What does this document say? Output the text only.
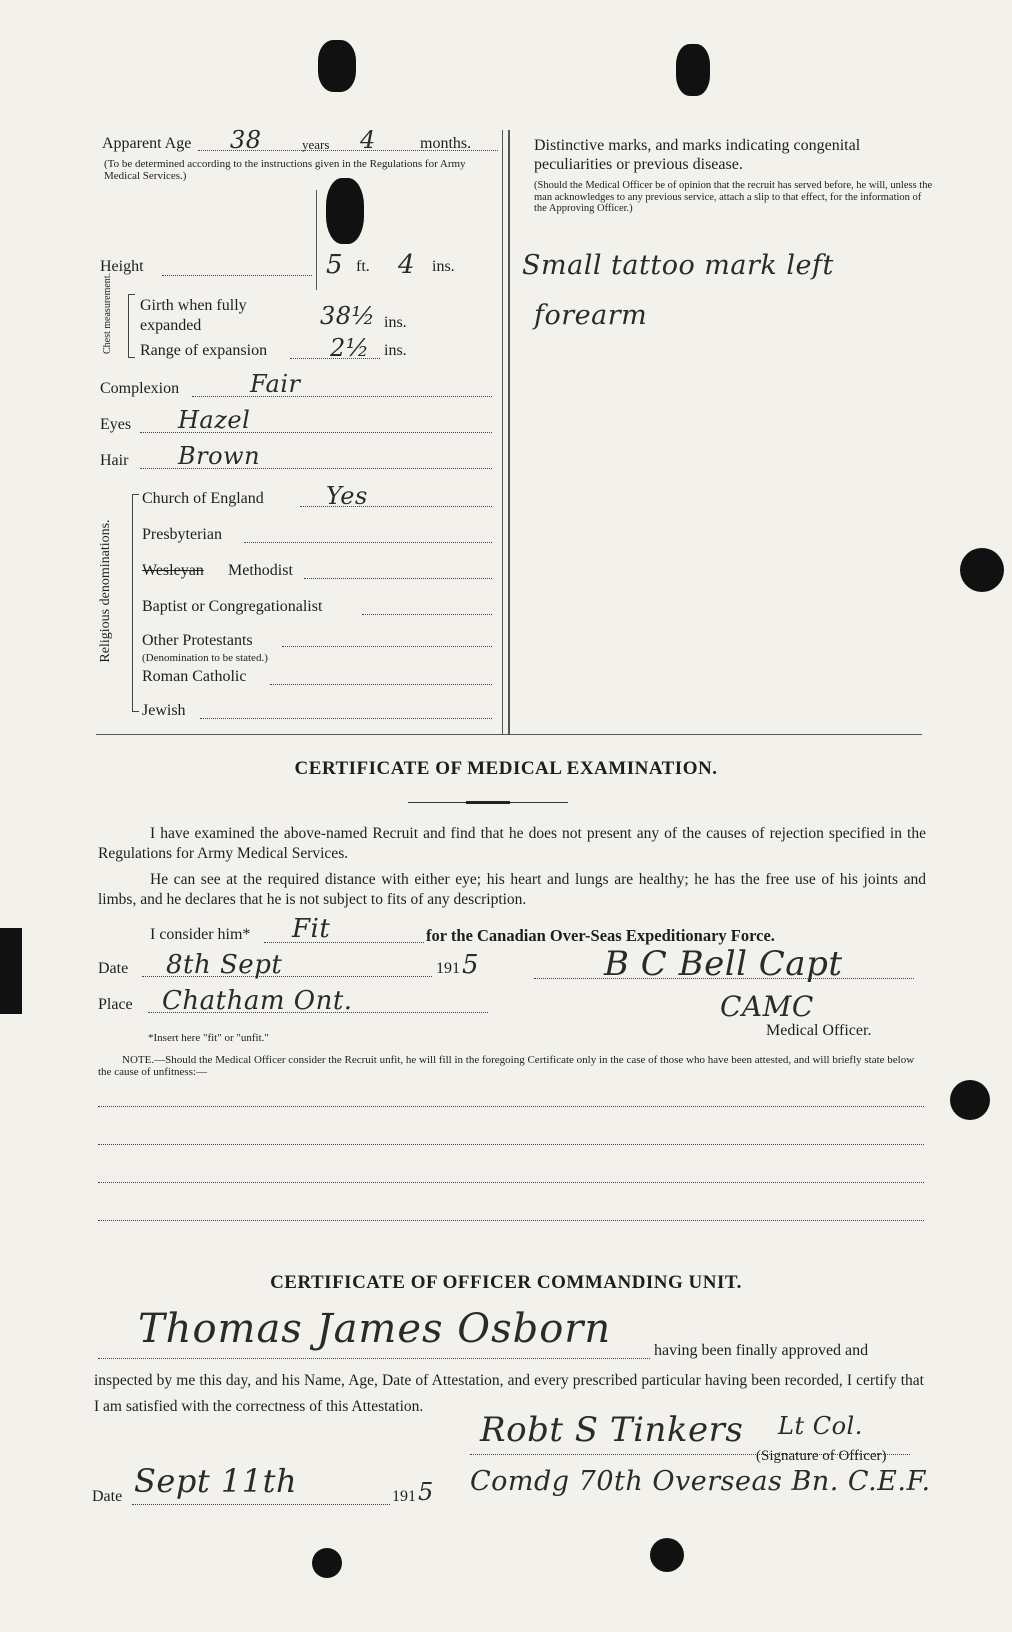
Apparent Age 38	years 4	months.
(To be determined according to the instructions given in the Regulations for Army Medical Services.)
Height	5 ft. 4 ins.
Chest measurement. Girth when fully expanded	38½ ins.
Range of expansion	2½ ins.
Complexion	Fair
Eyes Hazel
Hair Brown
Religious denominations.
Church of England	Yes
Presbyterian
Wesleyan Methodist
Baptist or Congregationalist
Other Protestants
(Denomination to be stated.)
Roman Catholic
Jewish
Distinctive marks, and marks indicating congenital peculiarities or previous disease.
(Should the Medical Officer be of opinion that the recruit has served before, he will, unless the man acknowledges to any previous service, attach a slip to that effect, for the information of the Approving Officer.)
Small tattoo mark left
forearm
CERTIFICATE OF MEDICAL EXAMINATION.
I have examined the above-named Recruit and find that he does not present any of the causes of rejection specified in the Regulations for Army Medical Services.
He can see at the required distance with either eye; his heart and lungs are healthy; he has the free use of his joints and limbs, and he declares that he is not subject to fits of any description.
I consider him* Fit	for the Canadian Over-Seas Expeditionary Force.
Date 8th Sept	191 5
Place Chatham Ont.
B C Bell Capt
CAMC
Medical Officer.
*Insert here "fit" or "unfit."
NOTE.—Should the Medical Officer consider the Recruit unfit, he will fill in the foregoing Certificate only in the case of those who have been attested, and will briefly state below the cause of unfitness:—
CERTIFICATE OF OFFICER COMMANDING UNIT.
Thomas James Osborn	having been finally approved and
inspected by me this day, and his Name, Age, Date of Attestation, and every prescribed particular having been recorded, I certify that I am satisfied with the correctness of this Attestation.
Robt S Tinkers Lt Col.
(Signature of Officer)
Date Sept 11th	191 5 Comdg 70th Overseas Bn. C.E.F.
